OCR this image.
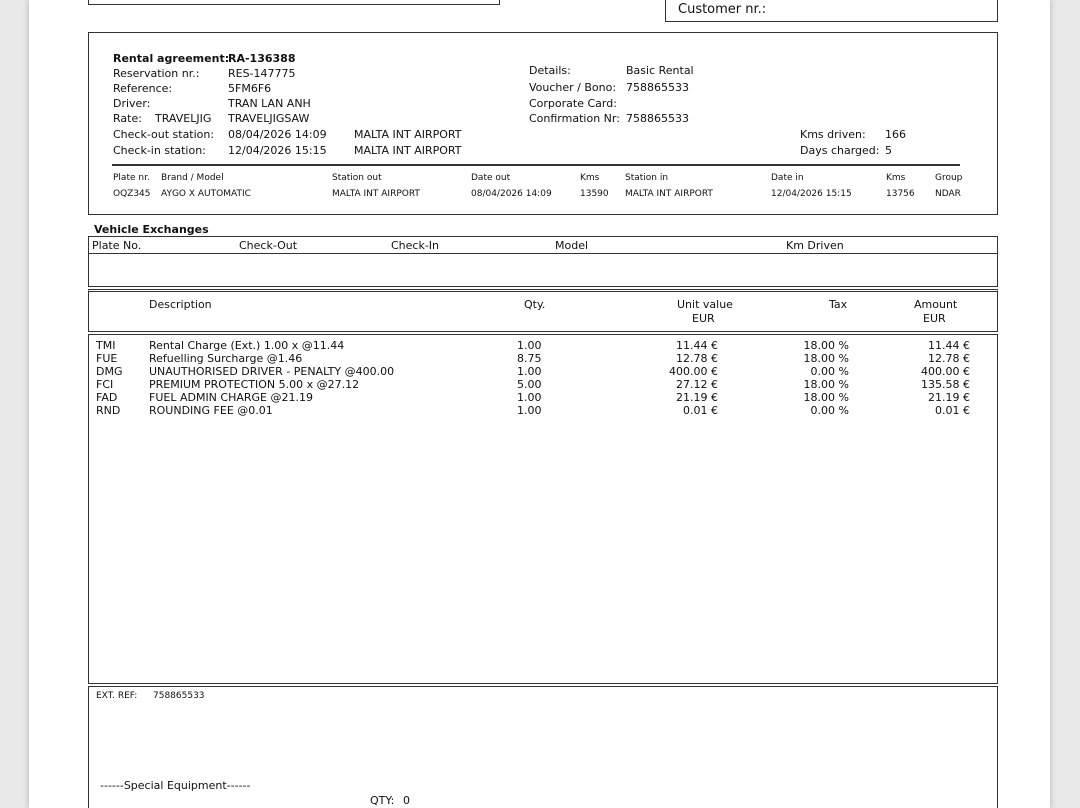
Customer nr.:
Rental agreement:
RA-136388
Reservation nr.:	RES-147775
Reference:	5FM6F6
Driver:	TRAN LAN ANH
Rate: TRAVELJIG TRAVELJIGSAW
Check-out station: 08/04/2026 14:09 MALTA INT AIRPORT
Check-in station: 12/04/2026 15:15 MALTA INT AIRPORT
Details:	Basic Rental
Voucher / Bono: 758865533
Corporate Card:
Confirmation Nr: 758865533
Kms driven: 166
Days charged: 5
Plate nr. Brand / Model	Station out	Date out	Kms	Station in	Date in	Kms	Group
OQZ345 AYGO X AUTOMATIC	MALTA INT AIRPORT	08/04/2026 14:09	13590 MALTA INT AIRPORT	12/04/2026 15:15	13756 NDAR
Vehicle Exchanges
Plate No.	Check-Out	Check-In	Model	Km Driven
Description	Qty.	Unit value
EUR
Tax	Amount
EUR
TMI	Rental Charge (Ext.) 1.00 x @11.44	1.00	11.44 €	18.00 %	11.44 €
FUE	Refuelling Surcharge @1.46	8.75	12.78 €	18.00 %	12.78 €
DMG UNAUTHORISED DRIVER - PENALTY @400.00	1.00	400.00 €	0.00 %	400.00 €
FCI	PREMIUM PROTECTION 5.00 x @27.12	5.00	27.12 €	18.00 %	135.58 €
FAD	FUEL ADMIN CHARGE @21.19	1.00	21.19 €	18.00 %	21.19 €
RND	ROUNDING FEE @0.01	1.00	0.01 €	0.00 %	0.01 €
EXT. REF: 758865533
------Special Equipment------
QTY: 0
